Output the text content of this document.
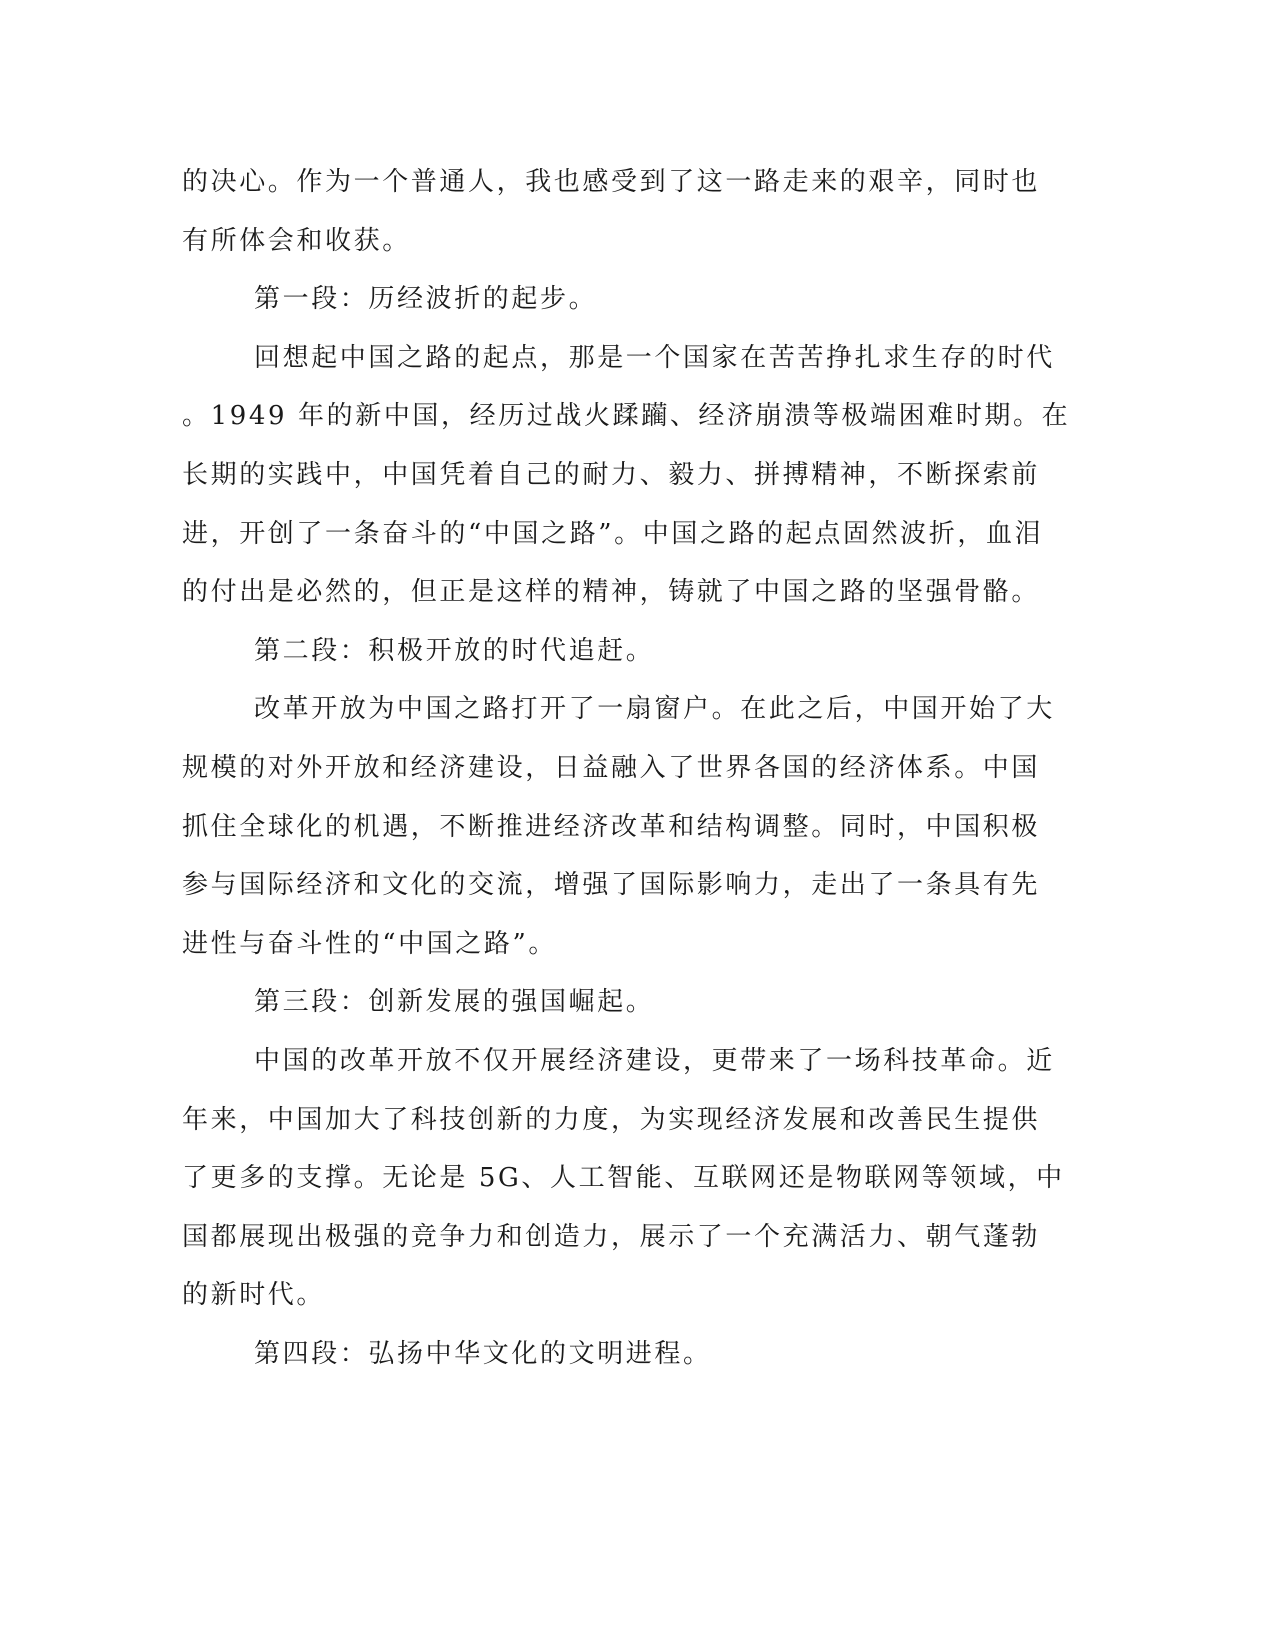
的决心。作为一个普通人，我也感受到了这一路走来的艰辛，同时也
有所体会和收获。
第一段：历经波折的起步。
回想起中国之路的起点，那是一个国家在苦苦挣扎求生存的时代
。1949 年的新中国，经历过战火蹂躏、经济崩溃等极端困难时期。在
长期的实践中，中国凭着自己的耐力、毅力、拼搏精神，不断探索前
进，开创了一条奋斗的“中国之路”。中国之路的起点固然波折，血泪
的付出是必然的，但正是这样的精神，铸就了中国之路的坚强骨骼。
第二段：积极开放的时代追赶。
改革开放为中国之路打开了一扇窗户。在此之后，中国开始了大
规模的对外开放和经济建设，日益融入了世界各国的经济体系。中国
抓住全球化的机遇，不断推进经济改革和结构调整。同时，中国积极
参与国际经济和文化的交流，增强了国际影响力，走出了一条具有先
进性与奋斗性的“中国之路”。
第三段：创新发展的强国崛起。
中国的改革开放不仅开展经济建设，更带来了一场科技革命。近
年来，中国加大了科技创新的力度，为实现经济发展和改善民生提供
了更多的支撑。无论是 5G、人工智能、互联网还是物联网等领域，中
国都展现出极强的竞争力和创造力，展示了一个充满活力、朝气蓬勃
的新时代。
第四段：弘扬中华文化的文明进程。
